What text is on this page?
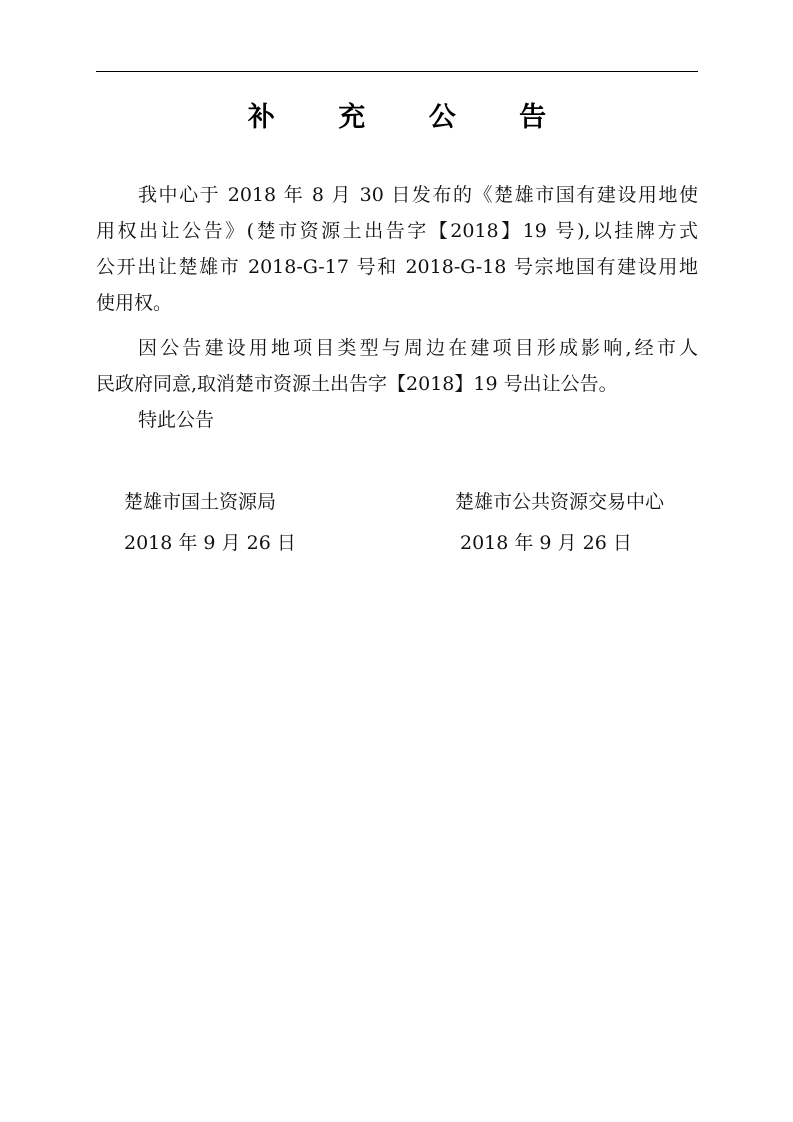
补 充 公 告
我中心于 2018 年 8 月 30 日发布的《楚雄市国有建设用地使
用权出让公告》(楚市资源土出告字【2018】19 号),以挂牌方式
公开出让楚雄市 2018-G-17 号和 2018-G-18 号宗地国有建设用地
使用权。
因公告建设用地项目类型与周边在建项目形成影响,经市人
民政府同意,取消楚市资源土出告字【2018】19 号出让公告。
特此公告
楚雄市国土资源局
2018 年 9 月 26 日
楚雄市公共资源交易中心
2018 年 9 月 26 日
